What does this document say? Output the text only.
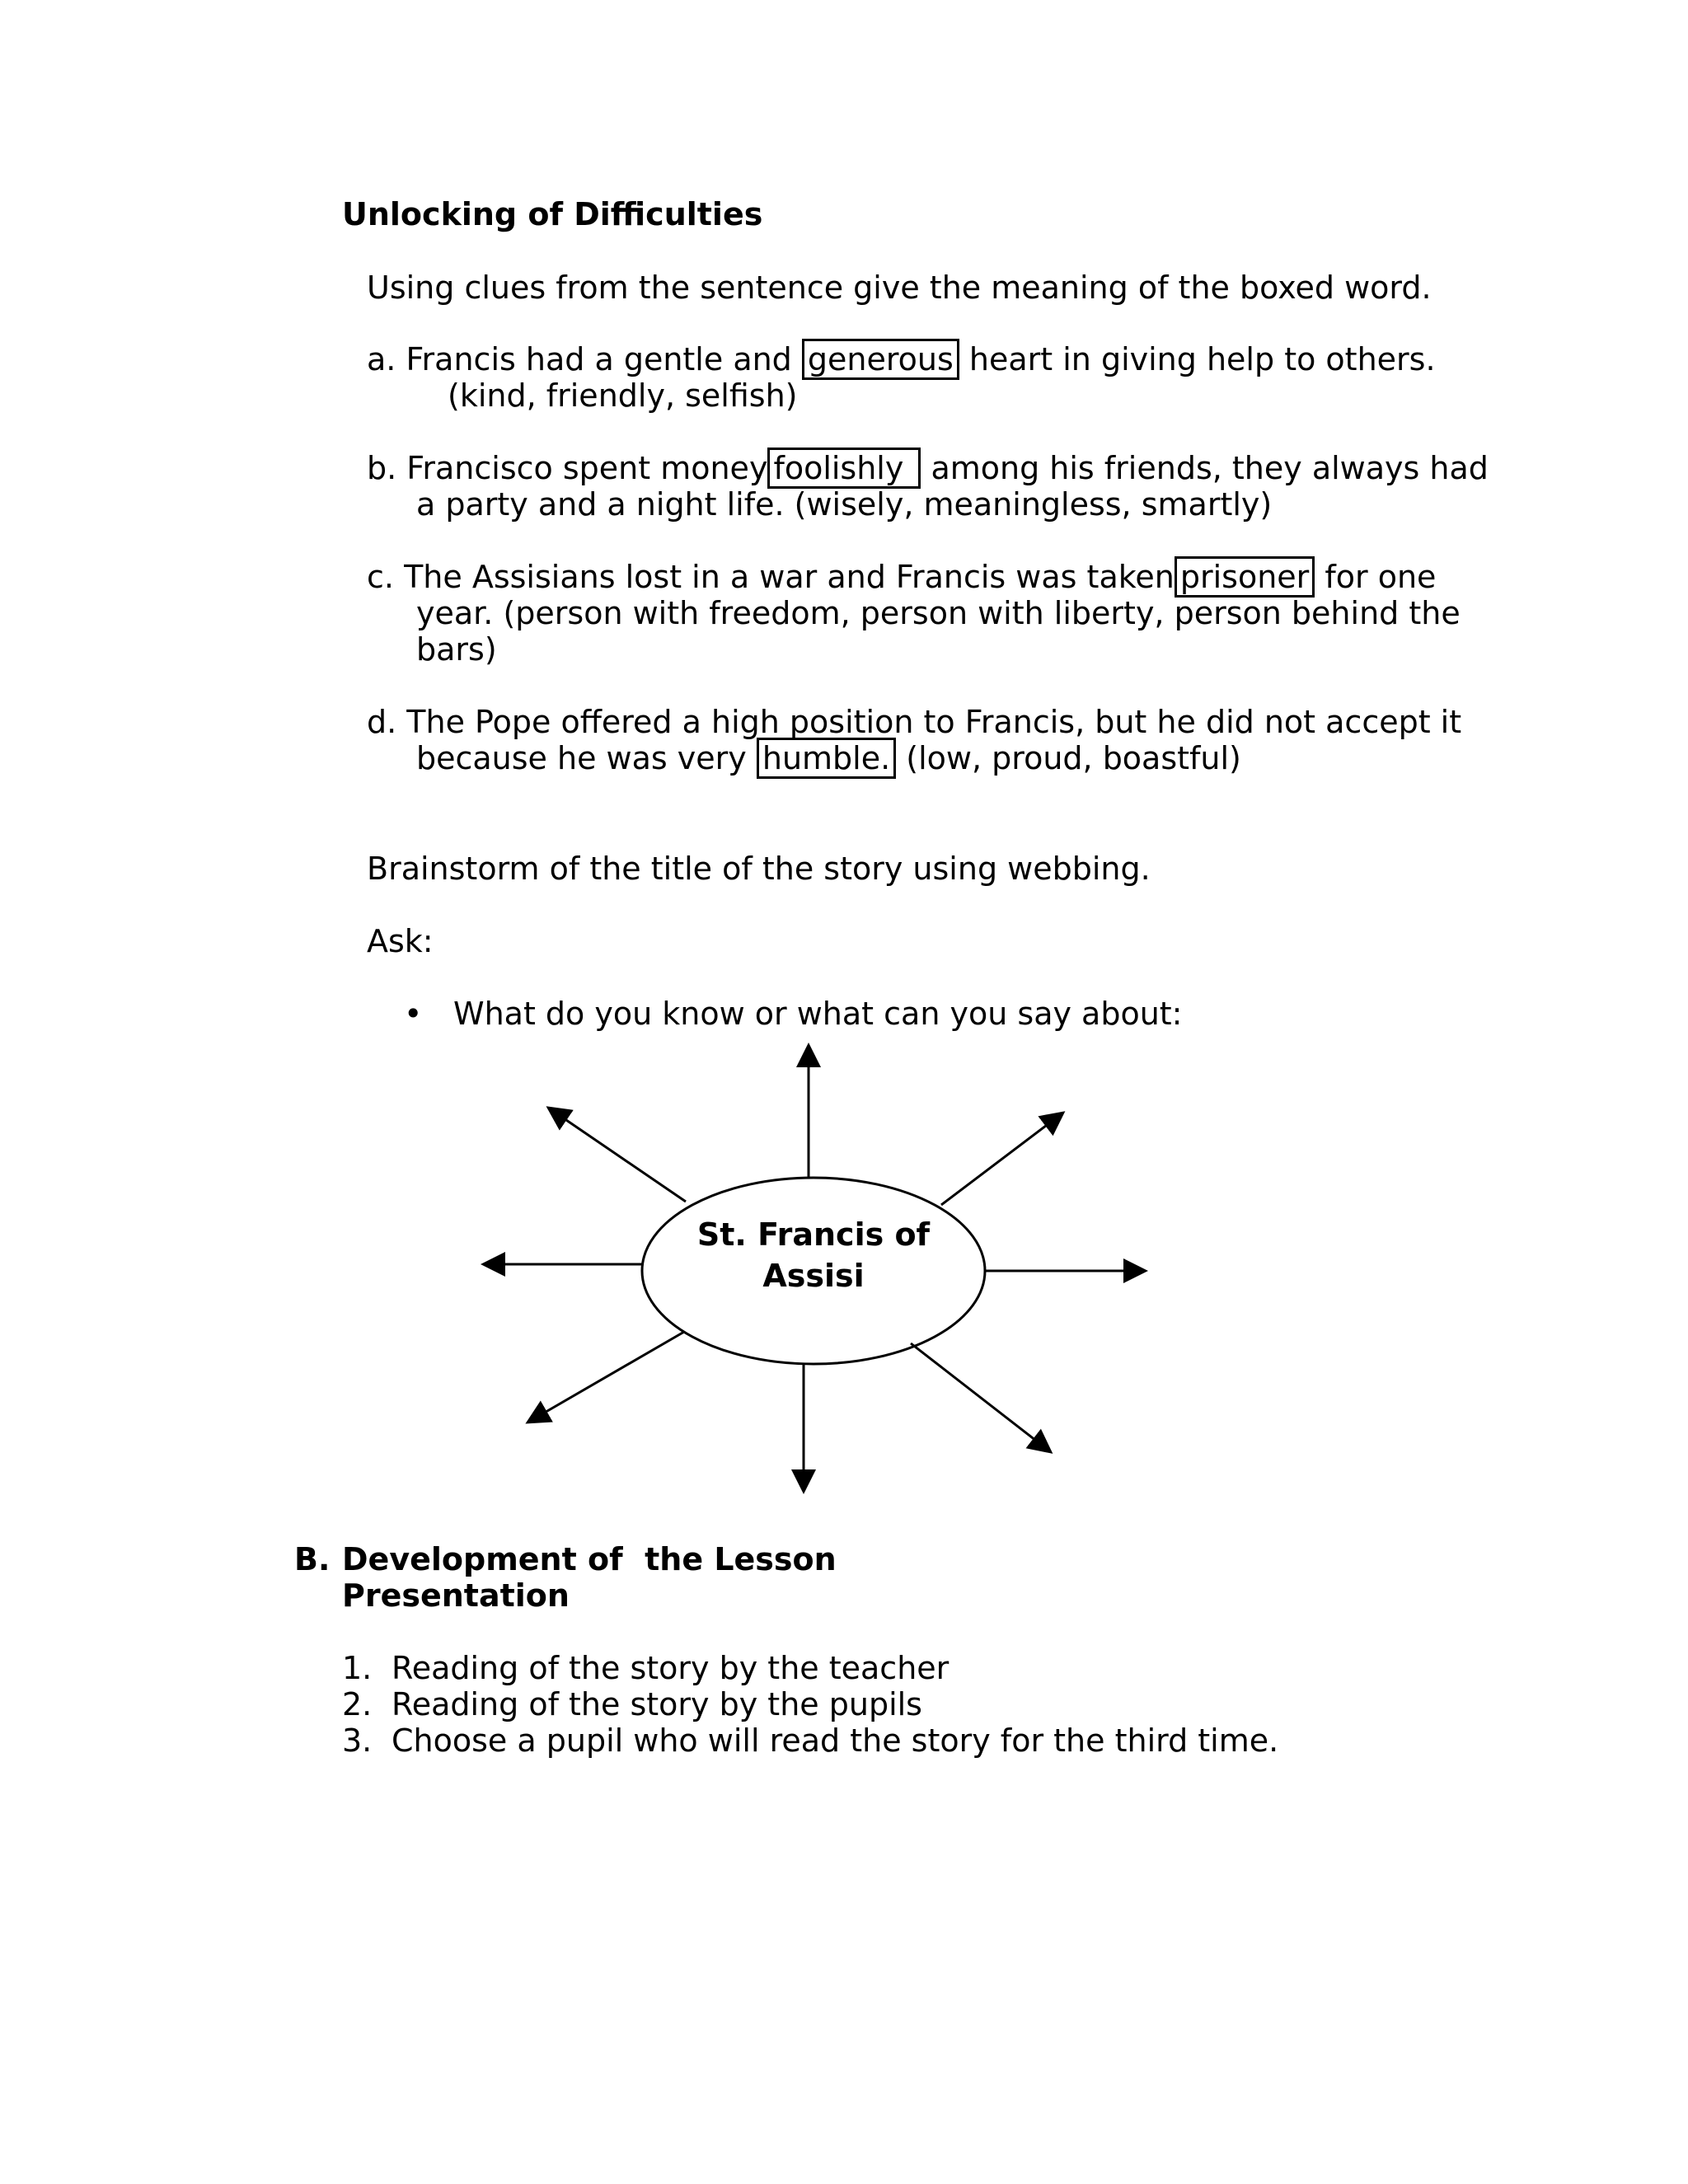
Unlocking of Difficulties
Using clues from the sentence give the meaning of the boxed word.
a. Francis had a gentle and generous heart in giving help to others.
(kind, friendly, selfish)
b. Francisco spent money foolishly among his friends, they always had
a party and a night life. (wisely, meaningless, smartly)
c. The Assisians lost in a war and Francis was taken prisoner for one
year. (person with freedom, person with liberty, person behind the
bars)
d. The Pope offered a high position to Francis, but he did not accept it
because he was very humble. (low, proud, boastful)
Brainstorm of the title of the story using webbing.
Ask:
• What do you know or what can you say about:
St. Francis of
Assisi
B. Development of  the Lesson
Presentation
1. Reading of the story by the teacher
2. Reading of the story by the pupils
3. Choose a pupil who will read the story for the third time.
